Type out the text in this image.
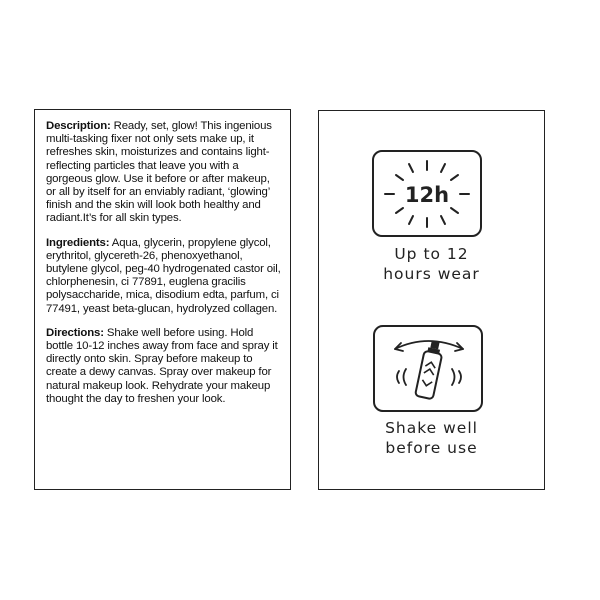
Description: Ready, set, glow! This ingenious multi-tasking fixer not only sets make up, it refreshes skin, moisturizes and contains light-reflecting particles that leave you with a gorgeous glow. Use it before or after makeup, or all by itself for an enviably radiant, ‘glowing’ finish and the skin will look both healthy and radiant.It’s for all skin types.

Ingredients: Aqua, glycerin, propylene glycol, erythritol, glycereth-26, phenoxyethanol, butylene glycol, peg-40 hydrogenated castor oil, chlorphenesin, ci 77891, euglena gracilis polysaccharide, mica, disodium edta, parfum, ci 77491, yeast beta-glucan, hydrolyzed collagen.

Directions: Shake well before using. Hold bottle 10-12 inches away from face and spray it directly onto skin. Spray before makeup to create a dewy canvas. Spray over makeup for natural makeup look. Rehydrate your makeup thought the day to freshen your look.

12h
Up to 12
hours wear
Shake well
before use
